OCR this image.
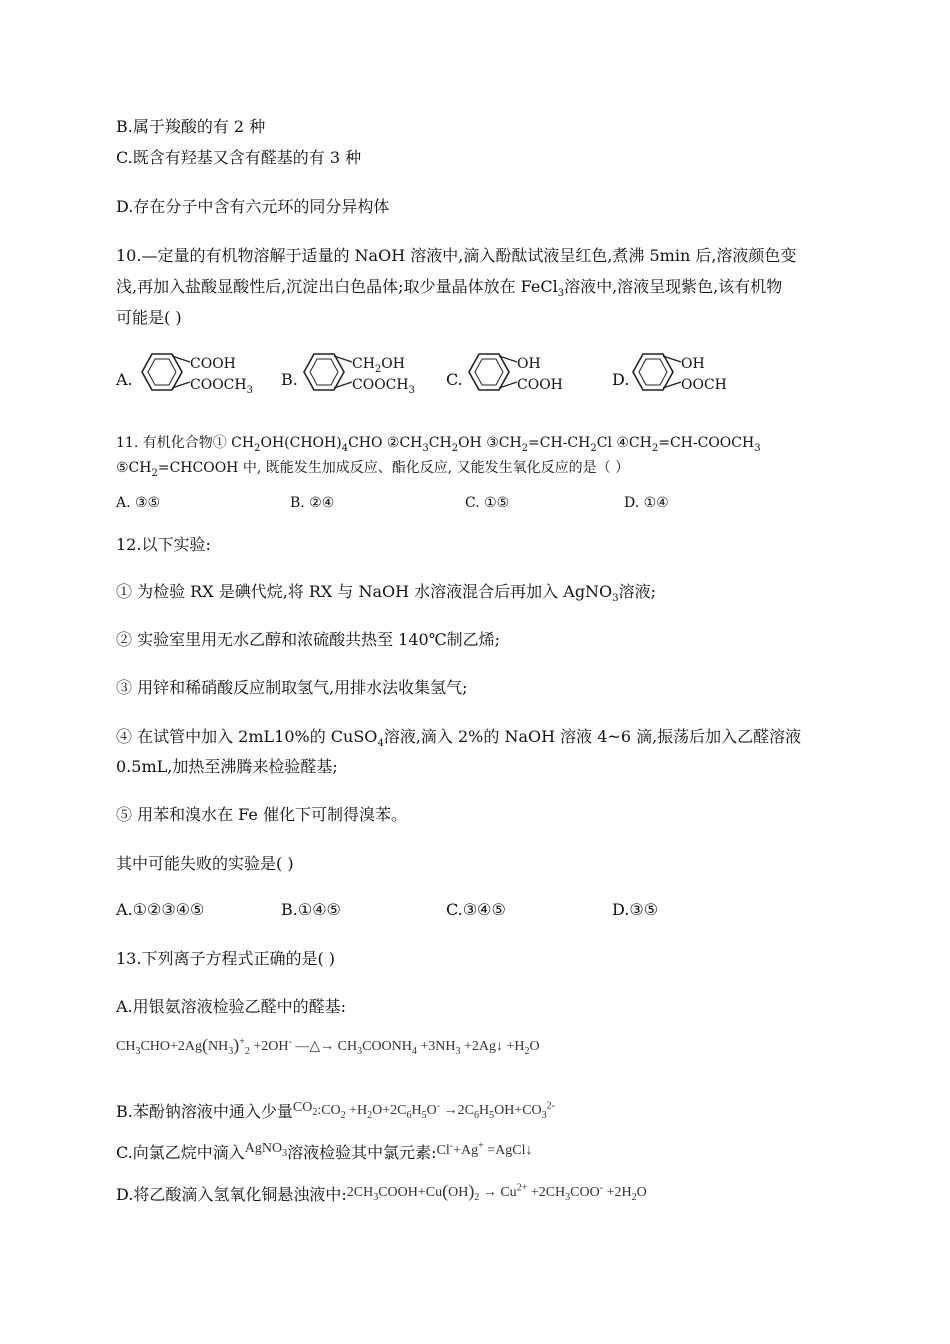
B.属于羧酸的有 2 种
C.既含有羟基又含有醛基的有 3 种
D.存在分子中含有六元环的同分异构体
10.—定量的有机物溶解于适量的 NaOH 溶液中,滴入酚酞试液呈红色,煮沸 5min 后,溶液颜色变
浅,再加入盐酸显酸性后,沉淀出白色晶体;取少量晶体放在 FeCl$_3$溶液中,溶液呈现紫色,该有机物
可能是( )
A.
COOH
$COOCH_3$
B.
$CH_2OH$
$COOCH_3$
C.
OH
COOH	D.
OH
OOCH
11. 有机化合物① $CH_2OH(CHOH)_4CHO$ $②CH_3CH_2OH$ $③CH_2=CH-CH_2Cl$ $④CH_2=CH-COOCH_3$
$⑤CH_2=CHCOOH$ 中, 既能发生加成反应、酯化反应, 又能发生氧化反应的是（ ）
A. ③⑤	B. ②④	C. ①⑤	D. ①④
12.以下实验:
① 为检验 RX 是碘代烷,将 RX 与 NaOH 水溶液混合后再加入 AgNO$_3$溶液;
② 实验室里用无水乙醇和浓硫酸共热至 140℃制乙烯;
③ 用锌和稀硝酸反应制取氢气,用排水法收集氢气;
④ 在试管中加入 2mL10%的 CuSO$_4$溶液,滴入 2%的 NaOH 溶液 4~6 滴,振荡后加入乙醛溶液
0.5mL,加热至沸腾来检验醛基;
⑤ 用苯和溴水在 Fe 催化下可制得溴苯。
其中可能失败的实验是( )
A.①②③④⑤	B.①④⑤	C.③④⑤	D.③⑤
13.下列离子方程式正确的是( )
A.用银氨溶液检验乙醛中的醛基:
$CH_3CHO+2Ag(NH_3)^+_2 +2OH^-$ —△→ $CH_3COONH_4 +3NH_3$ +2Ag↓ $+H_2O$
B.苯酚钠溶液中通入少量$CO_2:CO_2 +H_2O+2C_6H_5O^- \to 2C_6H_5OH+CO_3^{2-}$
C.向氯乙烷中滴入AgNO$_3$溶液检验其中氯元素:Cl-+Ag+ =AgCl↓
D.将乙酸滴入氢氧化铜悬浊液中$:2CH_3COOH+Cu(OH)_2 \to Cu^{2+} +2CH_3COO^- +2H_2O$
